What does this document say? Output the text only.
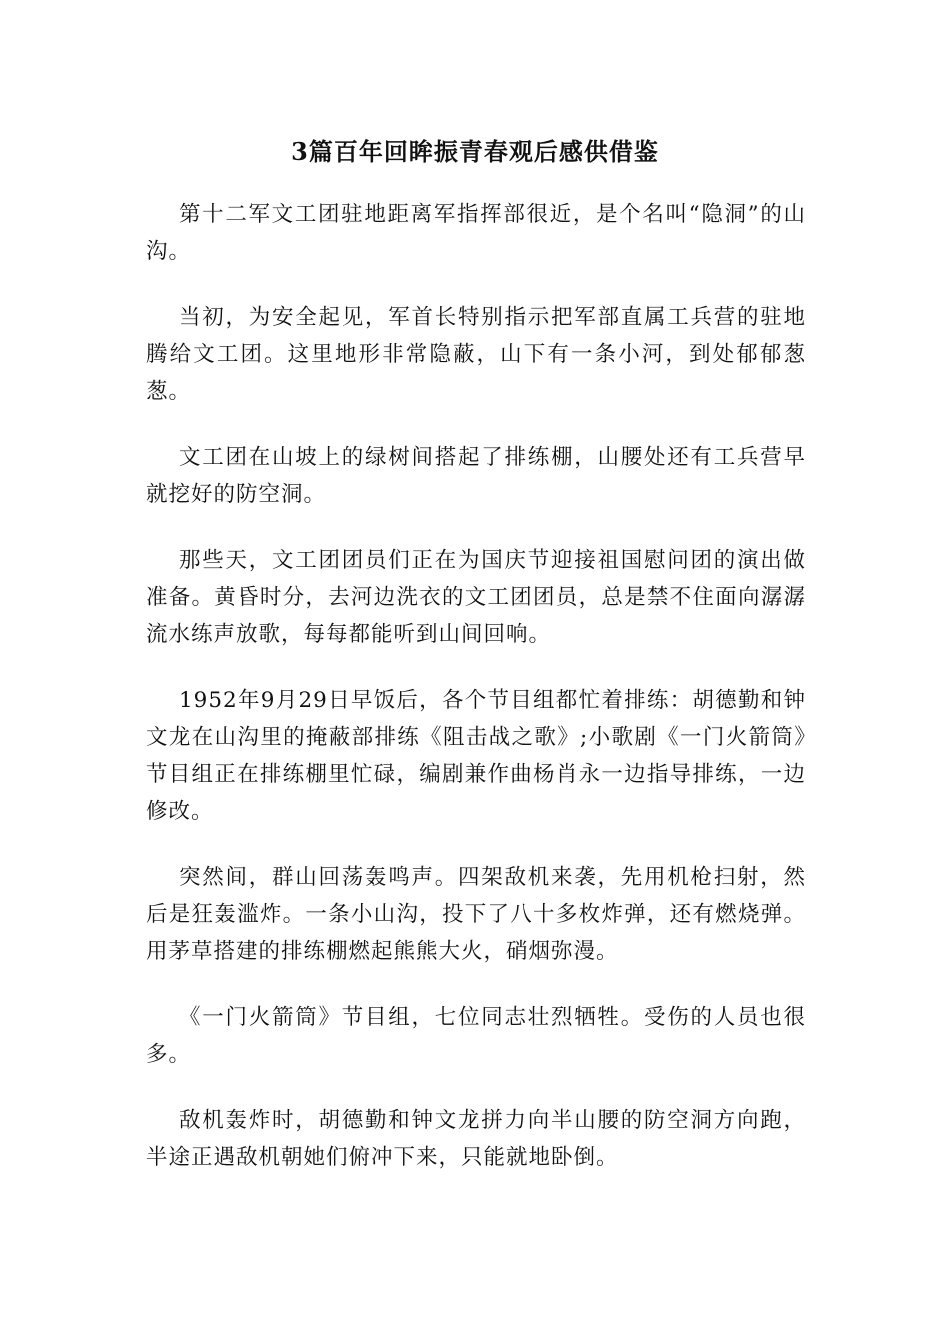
3篇百年回眸振青春观后感供借鉴

第十二军文工团驻地距离军指挥部很近，是个名叫“隐洞”的山沟。

当初，为安全起见，军首长特别指示把军部直属工兵营的驻地腾给文工团。这里地形非常隐蔽，山下有一条小河，到处郁郁葱葱。

文工团在山坡上的绿树间搭起了排练棚，山腰处还有工兵营早就挖好的防空洞。

那些天，文工团团员们正在为国庆节迎接祖国慰问团的演出做准备。黄昏时分，去河边洗衣的文工团团员，总是禁不住面向潺潺流水练声放歌，每每都能听到山间回响。

1952年9月29日早饭后，各个节目组都忙着排练：胡德勤和钟文龙在山沟里的掩蔽部排练《阻击战之歌》;小歌剧《一门火箭筒》节目组正在排练棚里忙碌，编剧兼作曲杨肖永一边指导排练，一边修改。

突然间，群山回荡轰鸣声。四架敌机来袭，先用机枪扫射，然后是狂轰滥炸。一条小山沟，投下了八十多枚炸弹，还有燃烧弹。用茅草搭建的排练棚燃起熊熊大火，硝烟弥漫。

《一门火箭筒》节目组，七位同志壮烈牺牲。受伤的人员也很多。

敌机轰炸时，胡德勤和钟文龙拼力向半山腰的防空洞方向跑，半途正遇敌机朝她们俯冲下来，只能就地卧倒。
